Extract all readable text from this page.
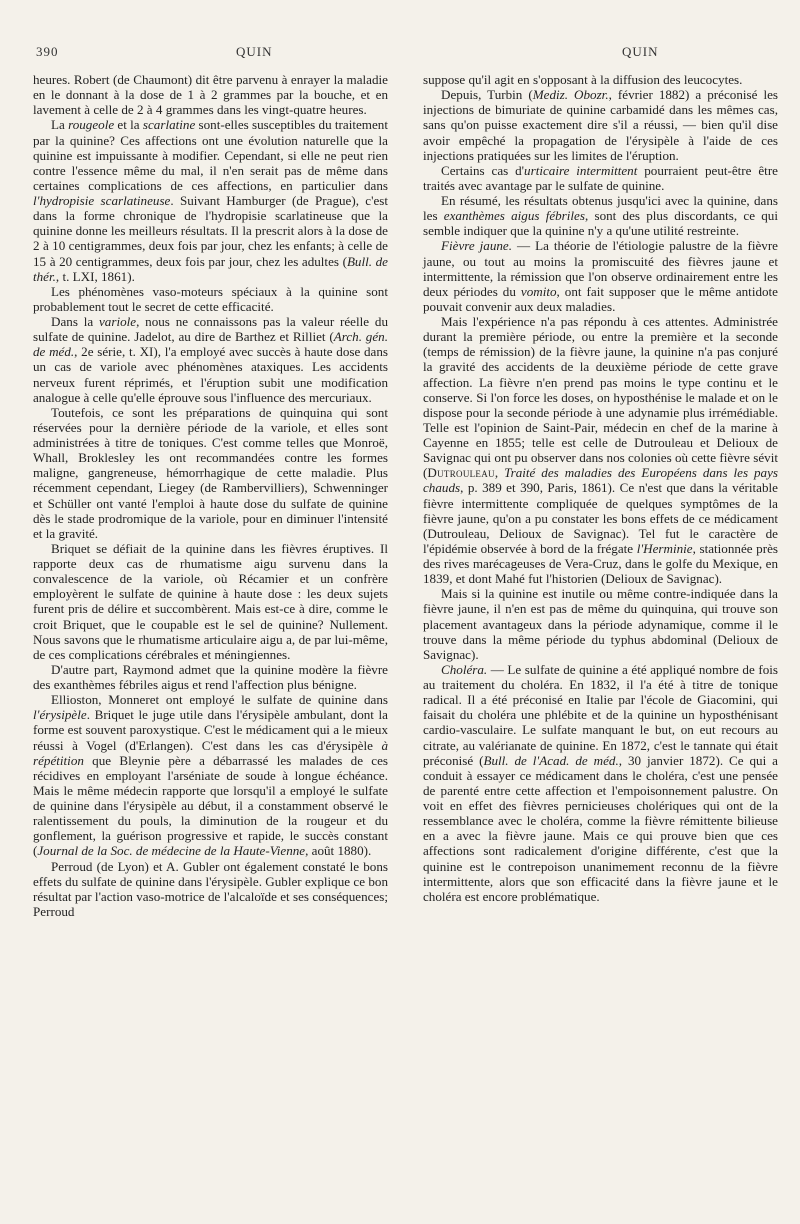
390	QUIN	QUIN

heures. Robert (de Chaumont) dit être parvenu à enrayer la maladie en le donnant à la dose de 1 à 2 grammes par la bouche, et en lavement à celle de 2 à 4 grammes dans les vingt-quatre heures.

La rougeole et la scarlatine sont-elles susceptibles du traitement par la quinine? Ces affections ont une évolution naturelle que la quinine est impuissante à modifier. Cependant, si elle ne peut rien contre l'essence même du mal, il n'en serait pas de même dans certaines complications de ces affections, en particulier dans l'hydropisie scarlatineuse. Suivant Hamburger (de Prague), c'est dans la forme chronique de l'hydropisie scarlatineuse que la quinine donne les meilleurs résultats. Il la prescrit alors à la dose de 2 à 10 centigrammes, deux fois par jour, chez les enfants; à celle de 15 à 20 centigrammes, deux fois par jour, chez les adultes (Bull. de thér., t. LXI, 1861).

Les phénomènes vaso-moteurs spéciaux à la quinine sont probablement tout le secret de cette efficacité.

Dans la variole, nous ne connaissons pas la valeur réelle du sulfate de quinine. Jadelot, au dire de Barthez et Rilliet (Arch. gén. de méd., 2e série, t. XI), l'a employé avec succès à haute dose dans un cas de variole avec phénomènes ataxiques. Les accidents nerveux furent réprimés, et l'éruption subit une modification analogue à celle qu'elle éprouve sous l'influence des mercuriaux.

Toutefois, ce sont les préparations de quinquina qui sont réservées pour la dernière période de la variole, et elles sont administrées à titre de toniques. C'est comme telles que Monroë, Whall, Broklesley les ont recommandées contre les formes maligne, gangreneuse, hémorrhagique de cette maladie. Plus récemment cependant, Liegey (de Rambervilliers), Schwenninger et Schüller ont vanté l'emploi à haute dose du sulfate de quinine dès le stade prodromique de la variole, pour en diminuer l'intensité et la gravité.

Briquet se défiait de la quinine dans les fièvres éruptives. Il rapporte deux cas de rhumatisme aigu survenu dans la convalescence de la variole, où Récamier et un confrère employèrent le sulfate de quinine à haute dose : les deux sujets furent pris de délire et succombèrent. Mais est-ce à dire, comme le croit Briquet, que le coupable est le sel de quinine? Nullement. Nous savons que le rhumatisme articulaire aigu a, de par lui-même, de ces complications cérébrales et méningiennes.

D'autre part, Raymond admet que la quinine modère la fièvre des exanthèmes fébriles aigus et rend l'affection plus bénigne.

Ellioston, Monneret ont employé le sulfate de quinine dans l'érysipèle. Briquet le juge utile dans l'érysipèle ambulant, dont la forme est souvent paroxystique. C'est le médicament qui a le mieux réussi à Vogel (d'Erlangen). C'est dans les cas d'érysipèle à répétition que Bleynie père a débarrassé les malades de ces récidives en employant l'arséniate de soude à longue échéance. Mais le même médecin rapporte que lorsqu'il a employé le sulfate de quinine dans l'érysipèle au début, il a constamment observé le ralentissement du pouls, la diminution de la rougeur et du gonflement, la guérison progressive et rapide, le succès constant (Journal de la Soc. de médecine de la Haute-Vienne, août 1880).

Perroud (de Lyon) et A. Gubler ont également constaté le bons effets du sulfate de quinine dans l'érysipèle. Gubler explique ce bon résultat par l'action vaso-motrice de l'alcaloïde et ses conséquences; Perroud

suppose qu'il agit en s'opposant à la diffusion des leucocytes.

Depuis, Turbin (Mediz. Obozr., février 1882) a préconisé les injections de bimuriate de quinine carbamidé dans les mêmes cas, sans qu'on puisse exactement dire s'il a réussi, — bien qu'il dise avoir empêché la propagation de l'érysipèle à l'aide de ces injections pratiquées sur les limites de l'éruption.

Certains cas d'urticaire intermittent pourraient peut-être être traités avec avantage par le sulfate de quinine.

En résumé, les résultats obtenus jusqu'ici avec la quinine, dans les exanthèmes aigus fébriles, sont des plus discordants, ce qui semble indiquer que la quinine n'y a qu'une utilité restreinte.

Fièvre jaune. — La théorie de l'étiologie palustre de la fièvre jaune, ou tout au moins la promiscuité des fièvres jaune et intermittente, la rémission que l'on observe ordinairement entre les deux périodes du vomito, ont fait supposer que le même antidote pouvait convenir aux deux maladies.

Mais l'expérience n'a pas répondu à ces attentes. Administrée durant la première période, ou entre la première et la seconde (temps de rémission) de la fièvre jaune, la quinine n'a pas conjuré la gravité des accidents de la deuxième période de cette grave affection. La fièvre n'en prend pas moins le type continu et le conserve. Si l'on force les doses, on hyposthénise le malade et on le dispose pour la seconde période à une adynamie plus irrémédiable. Telle est l'opinion de Saint-Pair, médecin en chef de la marine à Cayenne en 1855; telle est celle de Dutrouleau et Delioux de Savignac qui ont pu observer dans nos colonies où cette fièvre sévit (Dutrouleau, Traité des maladies des Européens dans les pays chauds, p. 389 et 390, Paris, 1861). Ce n'est que dans la véritable fièvre intermittente compliquée de quelques symptômes de la fièvre jaune, qu'on a pu constater les bons effets de ce médicament (Dutrouleau, Delioux de Savignac). Tel fut le caractère de l'épidémie observée à bord de la frégate l'Herminie, stationnée près des rives marécageuses de Vera-Cruz, dans le golfe du Mexique, en 1839, et dont Mahé fut l'historien (Delioux de Savignac).

Mais si la quinine est inutile ou même contre-indiquée dans la fièvre jaune, il n'en est pas de même du quinquina, qui trouve son placement avantageux dans la période adynamique, comme il le trouve dans la même période du typhus abdominal (Delioux de Savignac).

Choléra. — Le sulfate de quinine a été appliqué nombre de fois au traitement du choléra. En 1832, il l'a été à titre de tonique radical. Il a été préconisé en Italie par l'école de Giacomini, qui faisait du choléra une phlébite et de la quinine un hyposthénisant cardio-vasculaire. Le sulfate manquant le but, on eut recours au citrate, au valérianate de quinine. En 1872, c'est le tannate qui était préconisé (Bull. de l'Acad. de méd., 30 janvier 1872). Ce qui a conduit à essayer ce médicament dans le choléra, c'est une pensée de parenté entre cette affection et l'empoisonnement palustre. On voit en effet des fièvres pernicieuses cholériques qui ont de la ressemblance avec le choléra, comme la fièvre rémittente bilieuse en a avec la fièvre jaune. Mais ce qui prouve bien que ces affections sont radicalement d'origine différente, c'est que la quinine est le contrepoison unanimement reconnu de la fièvre intermittente, alors que son efficacité dans la fièvre jaune et le choléra est encore problématique.
